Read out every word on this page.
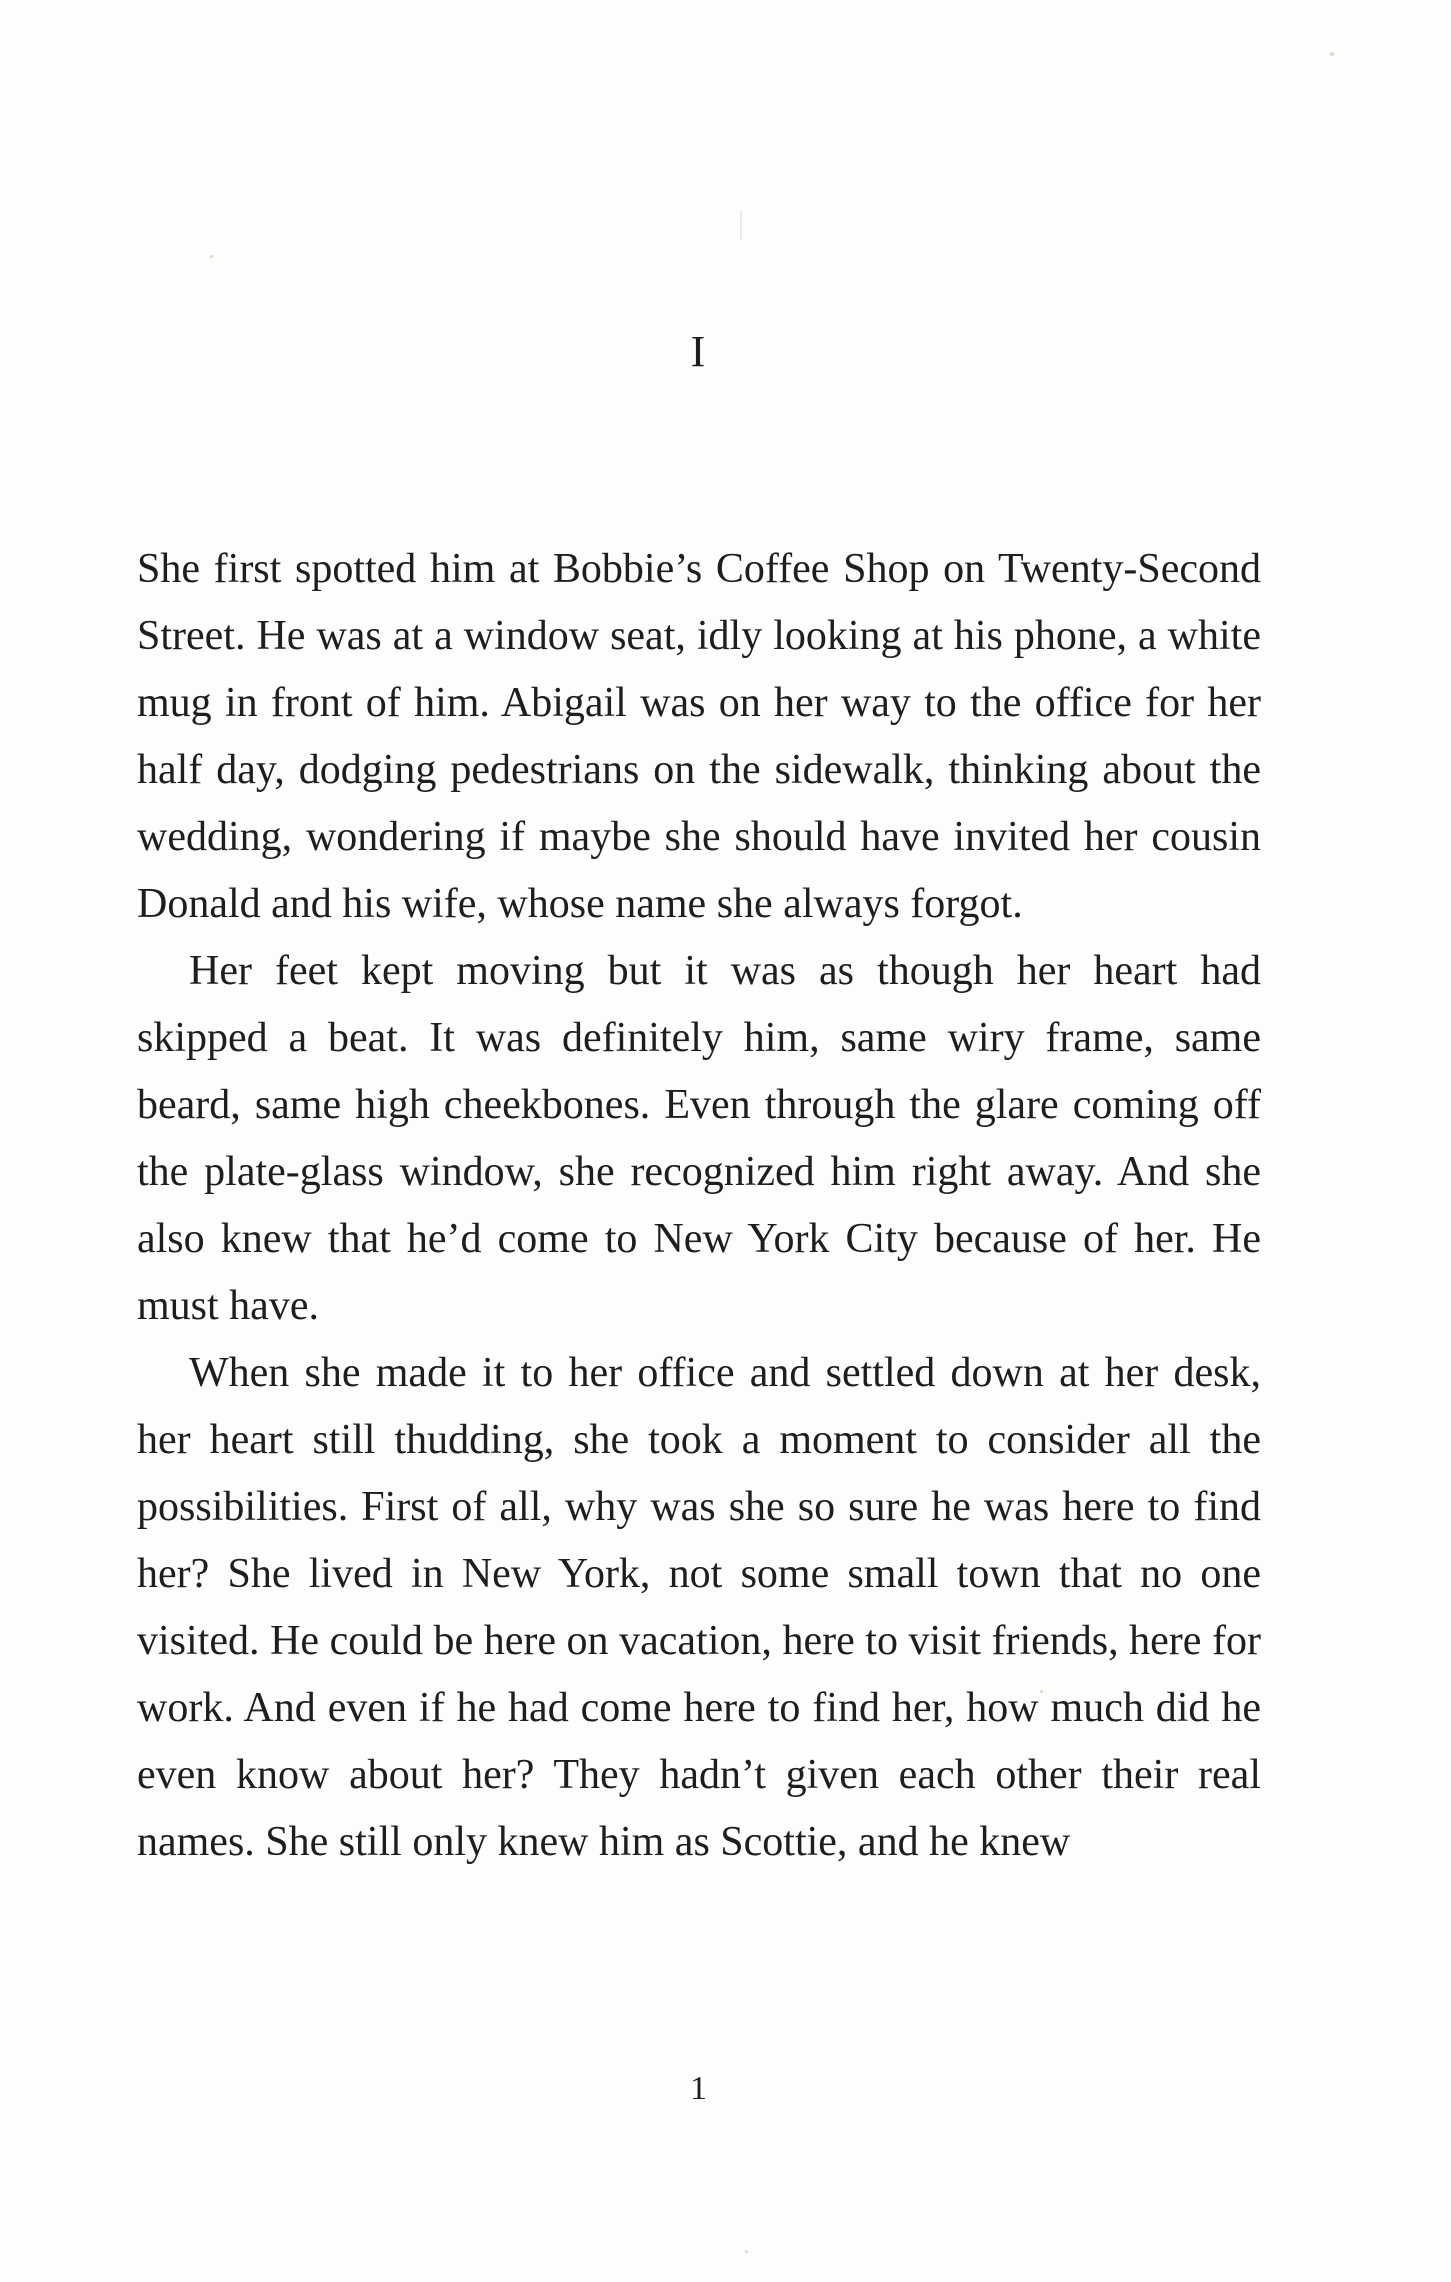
I

She first spotted him at Bobbie’s Coffee Shop on Twenty-Second Street. He was at a window seat, idly looking at his phone, a white mug in front of him. Abigail was on her way to the office for her half day, dodging pedestrians on the sidewalk, thinking about the wedding, wondering if maybe she should have invited her cousin Donald and his wife, whose name she always forgot.

Her feet kept moving but it was as though her heart had skipped a beat. It was definitely him, same wiry frame, same beard, same high cheekbones. Even through the glare coming off the plate-glass window, she recognized him right away. And she also knew that he’d come to New York City because of her. He must have.

When she made it to her office and settled down at her desk, her heart still thudding, she took a moment to consider all the possibilities. First of all, why was she so sure he was here to find her? She lived in New York, not some small town that no one visited. He could be here on vacation, here to visit friends, here for work. And even if he had come here to find her, how much did he even know about her? They hadn’t given each other their real names. She still only knew him as Scottie, and he knew

1
